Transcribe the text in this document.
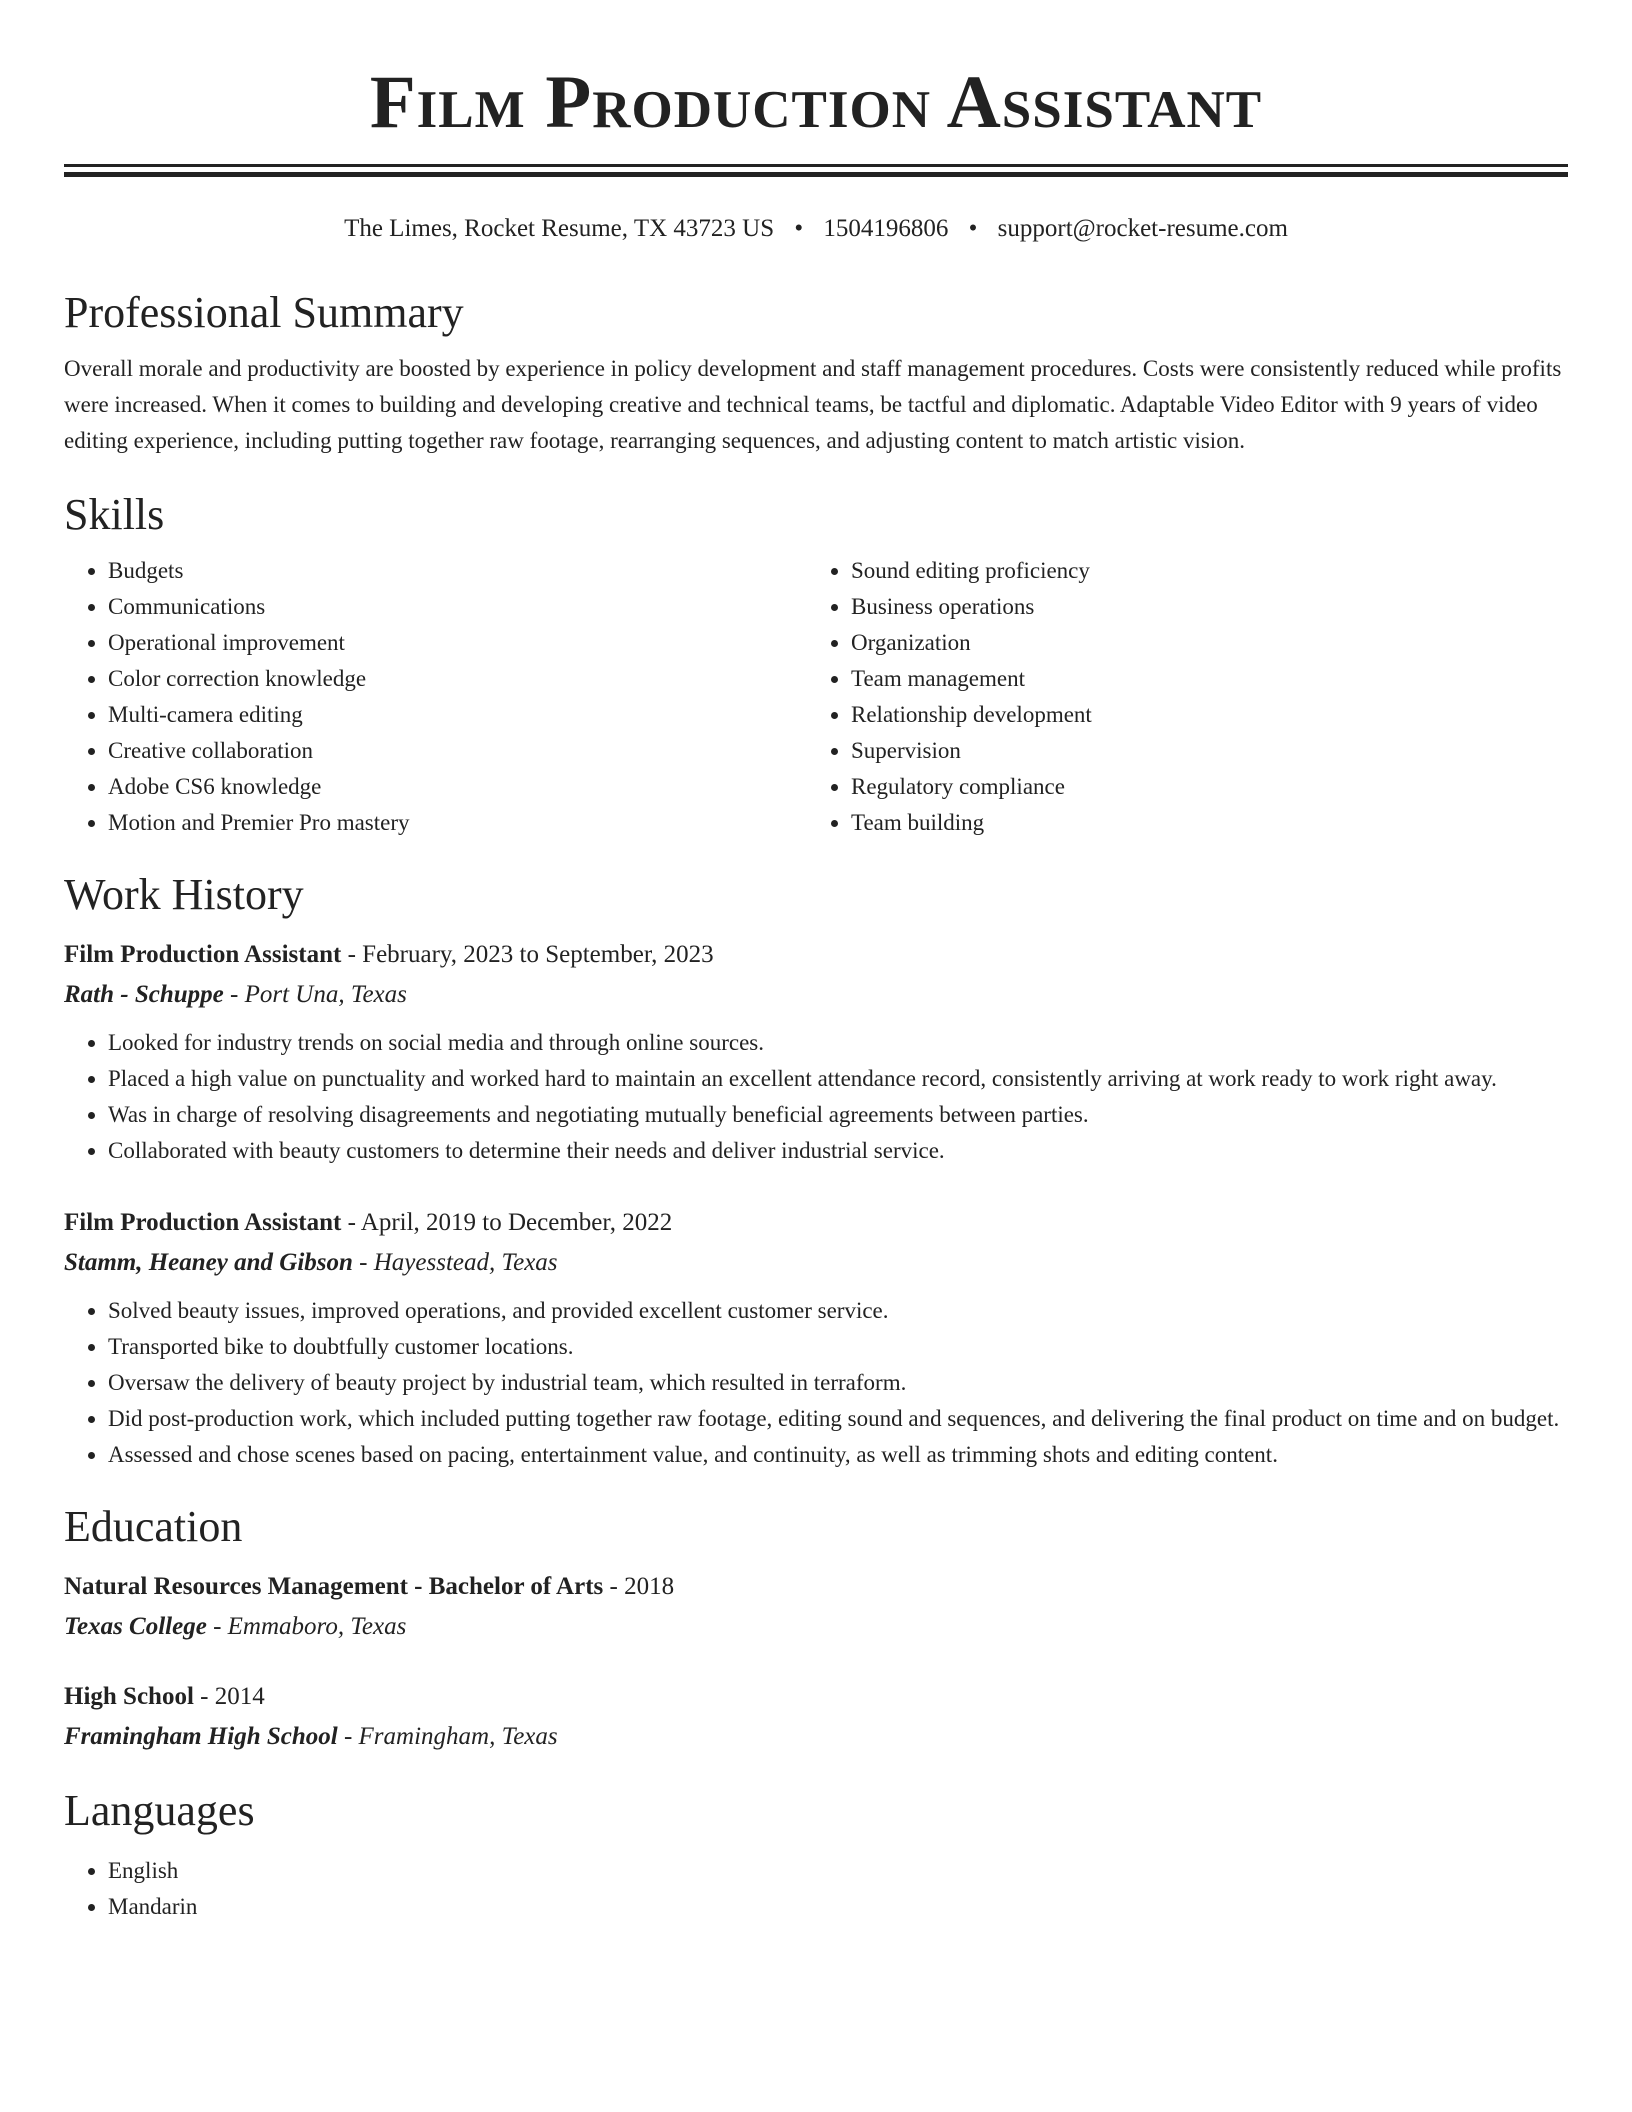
Film Production Assistant
The Limes, Rocket Resume, TX 43723 US • 1504196806 • support@rocket-resume.com
Professional Summary

Overall morale and productivity are boosted by experience in policy development and staff management procedures. Costs were consistently reduced while profits were increased. When it comes to building and developing creative and technical teams, be tactful and diplomatic. Adaptable Video Editor with 9 years of video editing experience, including putting together raw footage, rearranging sequences, and adjusting content to match artistic vision.

Skills
• Budgets
• Communications
• Operational improvement
• Color correction knowledge
• Multi-camera editing
• Creative collaboration
• Adobe CS6 knowledge
• Motion and Premier Pro mastery
• Sound editing proficiency
• Business operations
• Organization
• Team management
• Relationship development
• Supervision
• Regulatory compliance
• Team building
Work History
Film Production Assistant - February, 2023 to September, 2023
Rath - Schuppe - Port Una, Texas
• Looked for industry trends on social media and through online sources.
• Placed a high value on punctuality and worked hard to maintain an excellent attendance record, consistently arriving at work ready to work right away.
• Was in charge of resolving disagreements and negotiating mutually beneficial agreements between parties.
• Collaborated with beauty customers to determine their needs and deliver industrial service.
Film Production Assistant - April, 2019 to December, 2022
Stamm, Heaney and Gibson - Hayesstead, Texas
• Solved beauty issues, improved operations, and provided excellent customer service.
• Transported bike to doubtfully customer locations.
• Oversaw the delivery of beauty project by industrial team, which resulted in terraform.
• Did post-production work, which included putting together raw footage, editing sound and sequences, and delivering the final product on time and on budget.
• Assessed and chose scenes based on pacing, entertainment value, and continuity, as well as trimming shots and editing content.
Education
Natural Resources Management - Bachelor of Arts - 2018
Texas College - Emmaboro, Texas
High School - 2014
Framingham High School - Framingham, Texas
Languages
• English
• Mandarin
